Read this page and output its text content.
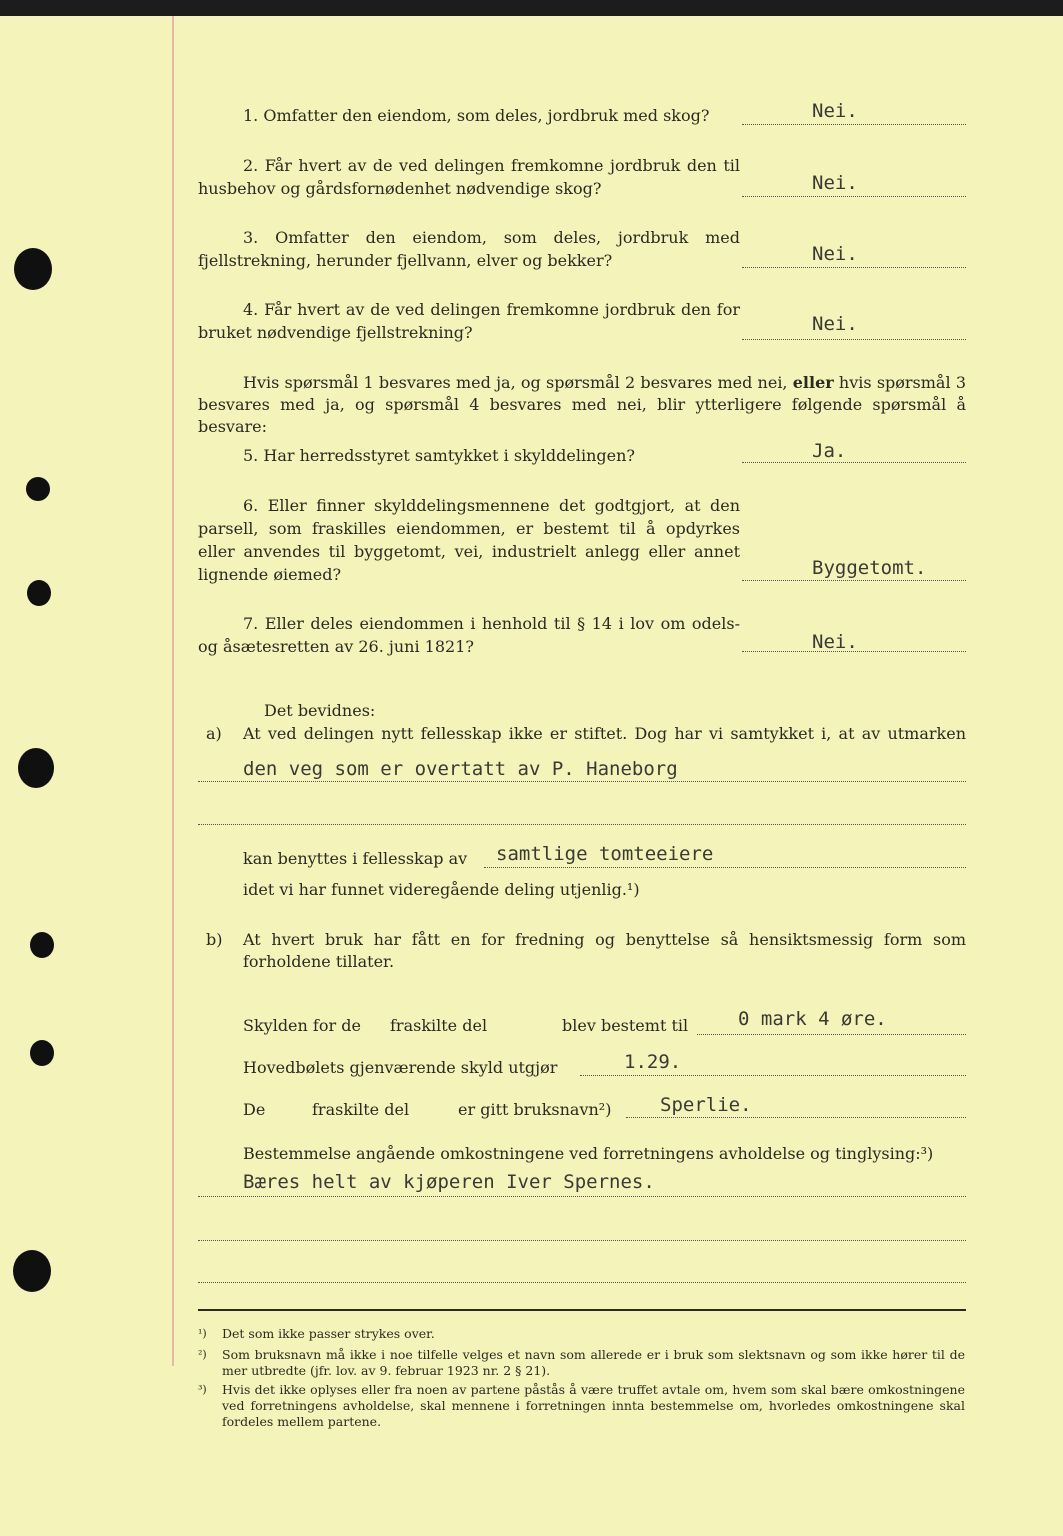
1. Omfatter den eiendom, som deles, jordbruk med skog?	Nei.
2. Får hvert av de ved delingen fremkomne jordbruk den til husbehov og gårdsfornødenhet nødvendige skog?	Nei.
3. Omfatter den eiendom, som deles, jordbruk med fjellstrekning, herunder fjellvann, elver og bekker?	Nei.
4. Får hvert av de ved delingen fremkomne jordbruk den for bruket nødvendige fjellstrekning?	Nei.
Hvis spørsmål 1 besvares med ja, og spørsmål 2 besvares med nei, eller hvis spørsmål 3 besvares med ja, og spørsmål 4 besvares med nei, blir ytterligere følgende spørsmål å besvare:
5. Har herredsstyret samtykket i skylddelingen?	Ja.
6. Eller finner skylddelingsmennene det godtgjort, at den parsell, som fraskilles eiendommen, er bestemt til å opdyrkes eller anvendes til byggetomt, vei, industrielt anlegg eller annet lignende øiemed?	Byggetomt.
7. Eller deles eiendommen i henhold til § 14 i lov om odels- og åsætesretten av 26. juni 1821?	Nei.
Det bevidnes:
a) At ved delingen nytt fellesskap ikke er stiftet. Dog har vi samtykket i, at av utmarken
den veg som er overtatt av P. Haneborg
kan benyttes i fellesskap av samtlige tomteeiere
idet vi har funnet videregående deling utjenlig.¹)
b) At hvert bruk har fått en for fredning og benyttelse så hensiktsmessig form som forholdene tillater.
Skylden for de fraskilte del	blev bestemt til	0 mark 4 øre.
Hovedbølets gjenværende skyld utgjør	1.29.
De	fraskilte del	er gitt bruksnavn²)	Sperlie.
Bestemmelse angående omkostningene ved forretningens avholdelse og tinglysing:³)
Bæres helt av kjøperen Iver Spernes.
¹) Det som ikke passer strykes over.
²) Som bruksnavn må ikke i noe tilfelle velges et navn som allerede er i bruk som slektsnavn og som ikke hører til de mer utbredte (jfr. lov. av 9. februar 1923 nr. 2 § 21).
³) Hvis det ikke oplyses eller fra noen av partene påstås å være truffet avtale om, hvem som skal bære omkostningene ved forretningens avholdelse, skal mennene i forretningen innta bestemmelse om, hvorledes omkostningene skal fordeles mellem partene.
